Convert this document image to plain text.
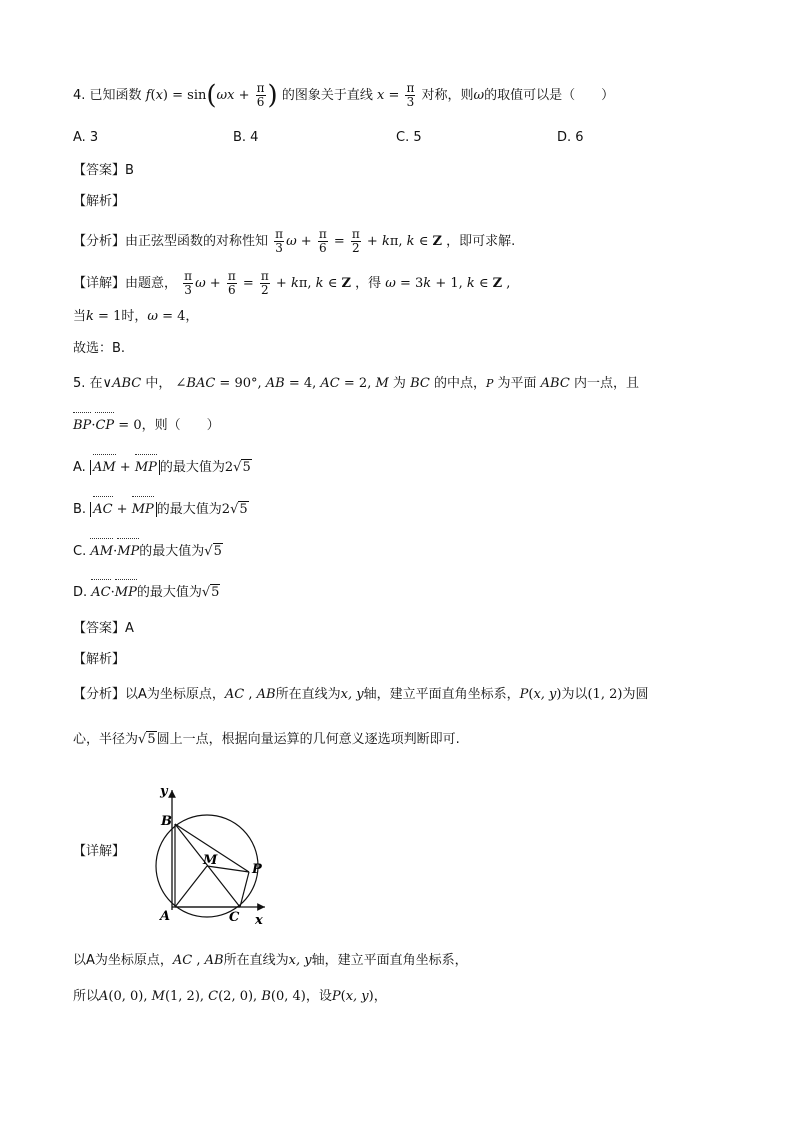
4. 已知函数 $f(x) = \sin(\omega x + \frac{\pi}{6}$ ) 的图象关于直线 $x = \frac{\pi}{3}$ 对称，则ω的取值可以是（　　）
A. 3	B. 4	C. 5	D. 6
【答案】B
【解析】
【分析】由正弦型函数的对称性知 $\frac{\pi}{3}$ $\omega + \frac{\pi}{6} = \frac{\pi}{2} + k\pi$, k ∈ Z ，即可求解.
【详解】由题意， $\frac{\pi}{3}$ $\omega + \frac{\pi}{6} = \frac{\pi}{2} + k\pi$, k ∈ Z ，得 ω = 3k + 1, k ∈ Z ,
当k = 1时，ω = 4，
故选：B.
5. 在∨ABC 中， ∠BAC = 90°, AB = 4, AC = 2, M 为 BC 的中点，P 为平面 ABC 内一点，且
BP·CP = 0，则（　　）
A. AM + MP 的最大值为2√5
B. AC + MP 的最大值为2√5
C. AM·MP的最大值为√5
D. AC·MP的最大值为√5
【答案】A
【解析】
【分析】以A为坐标原点，AC , AB所在直线为x, y轴，建立平面直角坐标系，P(x, y)为以(1, 2)为圆
心，半径为√5圆上一点，根据向量运算的几何意义逐选项判断即可.
【详解】
y
B
M
P
A	C x
以A为坐标原点，AC , AB所在直线为x, y轴，建立平面直角坐标系，
所以A(0, 0), M(1, 2), C(2, 0), B(0, 4)，设P(x, y)，
